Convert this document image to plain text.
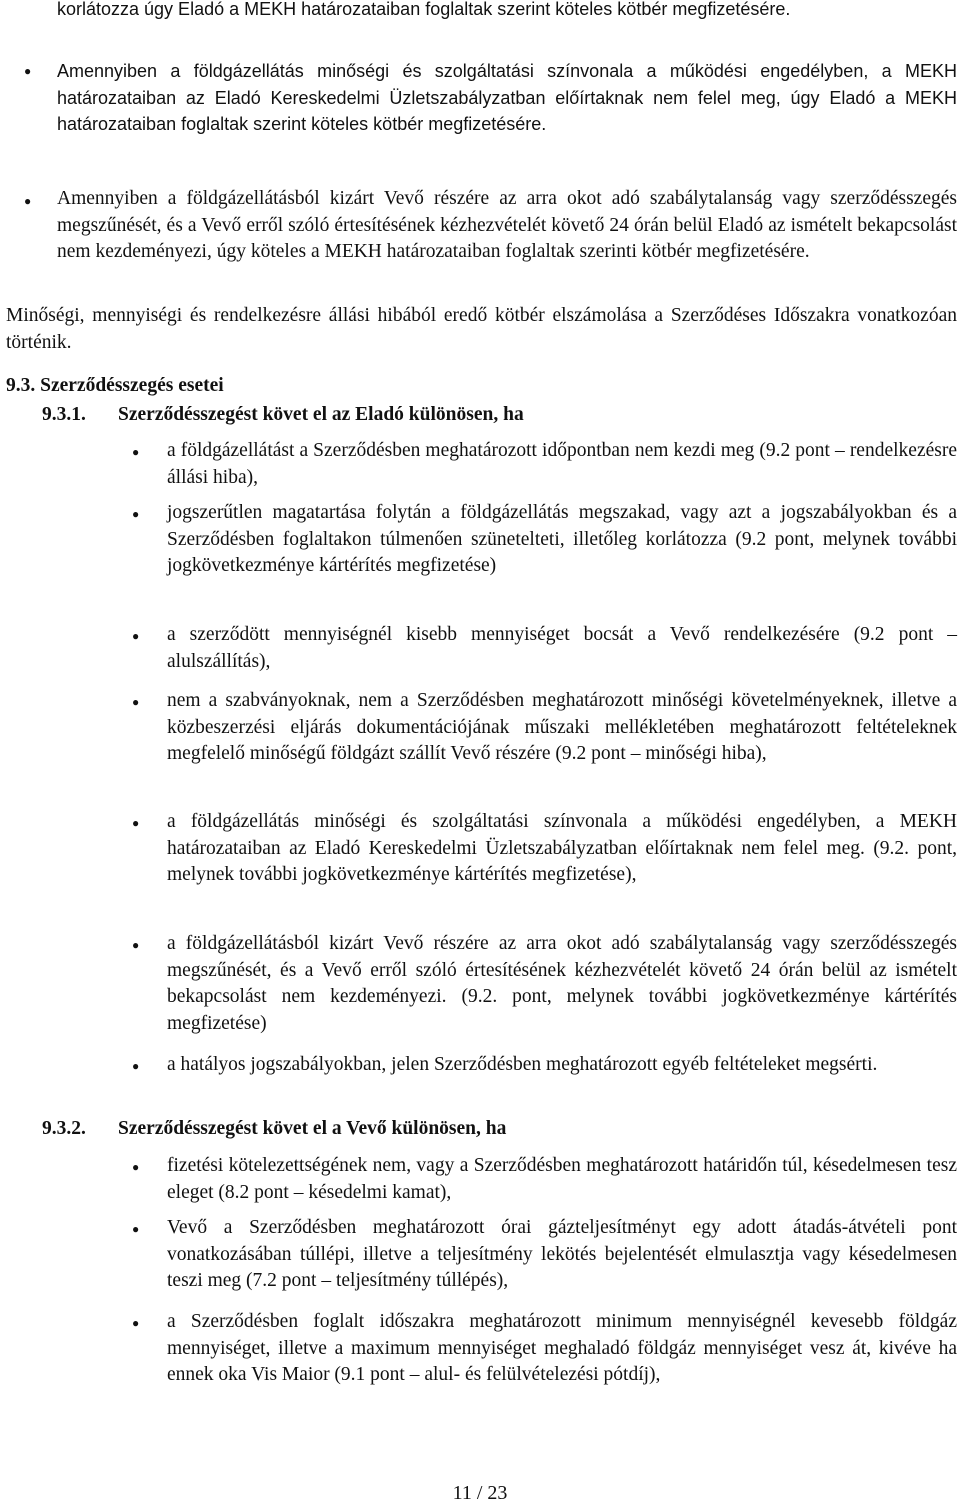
korlátozza úgy Eladó a MEKH határozataiban foglaltak szerint köteles kötbér megfizetésére.
● Amennyiben a földgázellátás minőségi és szolgáltatási színvonala a működési engedélyben, a MEKH határozataiban az Eladó Kereskedelmi Üzletszabályzatban előírtaknak nem felel meg, úgy Eladó a MEKH határozataiban foglaltak szerint köteles kötbér megfizetésére.
● Amennyiben a földgázellátásból kizárt Vevő részére az arra okot adó szabálytalanság vagy szerződésszegés megszűnését, és a Vevő erről szóló értesítésének kézhezvételét követő 24 órán belül Eladó az ismételt bekapcsolást nem kezdeményezi, úgy köteles a MEKH határozataiban foglaltak szerinti kötbér megfizetésére.
Minőségi, mennyiségi és rendelkezésre állási hibából eredő kötbér elszámolása a Szerződéses Időszakra vonatkozóan történik.
9.3. Szerződésszegés esetei
9.3.1. Szerződésszegést követ el az Eladó különösen, ha
● a földgázellátást a Szerződésben meghatározott időpontban nem kezdi meg (9.2 pont – rendelkezésre állási hiba),
● jogszerűtlen magatartása folytán a földgázellátás megszakad, vagy azt a jogszabályokban és a Szerződésben foglaltakon túlmenően szünetelteti, illetőleg korlátozza (9.2 pont, melynek további jogkövetkezménye kártérítés megfizetése)
● a szerződött mennyiségnél kisebb mennyiséget bocsát a Vevő rendelkezésére (9.2 pont – alulszállítás),
● nem a szabványoknak, nem a Szerződésben meghatározott minőségi követelményeknek, illetve a közbeszerzési eljárás dokumentációjának műszaki mellékletében meghatározott feltételeknek megfelelő minőségű földgázt szállít Vevő részére (9.2 pont – minőségi hiba),
● a földgázellátás minőségi és szolgáltatási színvonala a működési engedélyben, a MEKH határozataiban az Eladó Kereskedelmi Üzletszabályzatban előírtaknak nem felel meg. (9.2. pont, melynek további jogkövetkezménye kártérítés megfizetése),
● a földgázellátásból kizárt Vevő részére az arra okot adó szabálytalanság vagy szerződésszegés megszűnését, és a Vevő erről szóló értesítésének kézhezvételét követő 24 órán belül az ismételt bekapcsolást nem kezdeményezi. (9.2. pont, melynek további jogkövetkezménye kártérítés megfizetése)
● a hatályos jogszabályokban, jelen Szerződésben meghatározott egyéb feltételeket megsérti.
9.3.2. Szerződésszegést követ el a Vevő különösen, ha
● fizetési kötelezettségének nem, vagy a Szerződésben meghatározott határidőn túl, késedelmesen tesz eleget (8.2 pont – késedelmi kamat),
● Vevő a Szerződésben meghatározott órai gázteljesítményt egy adott átadás-átvételi pont vonatkozásában túllépi, illetve a teljesítmény lekötés bejelentését elmulasztja vagy késedelmesen teszi meg (7.2 pont – teljesítmény túllépés),
● a Szerződésben foglalt időszakra meghatározott minimum mennyiségnél kevesebb földgáz mennyiséget, illetve a maximum mennyiséget meghaladó földgáz mennyiséget vesz át, kivéve ha ennek oka Vis Maior (9.1 pont – alul- és felülvételezési pótdíj),
11 / 23
